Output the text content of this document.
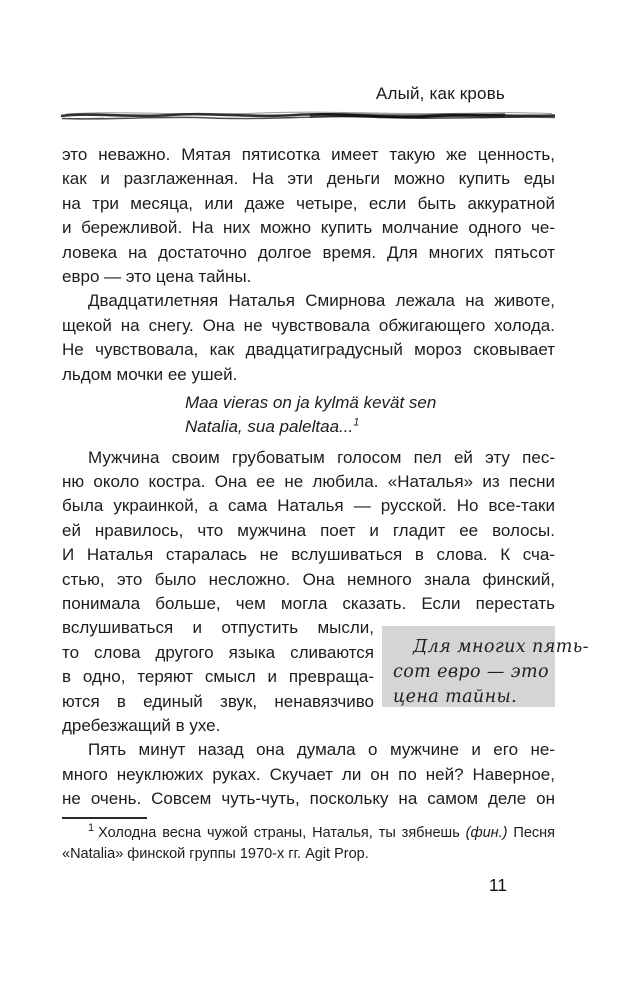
Алый, как кровь
это неважно. Мятая пятисотка имеет такую же ценность,
как и разглаженная. На эти деньги можно купить еды
на три месяца, или даже четыре, если быть аккуратной
и бережливой. На них можно купить молчание одного че-
ловека на достаточно долгое время. Для многих пятьсот
евро — это цена тайны.
Двадцатилетняя Наталья Смирнова лежала на животе,
щекой на снегу. Она не чувствовала обжигающего холода.
Не чувствовала, как двадцатиградусный мороз сковывает
льдом мочки ее ушей.
Maa vieras on ja kylmä kevät sen
Natalia, sua paleltaa...$^1$
Мужчина своим грубоватым голосом пел ей эту пес-
ню около костра. Она ее не любила. «Наталья» из песни
была украинкой, а сама Наталья — русской. Но все-таки
ей нравилось, что мужчина поет и гладит ее волосы.
И Наталья старалась не вслушиваться в слова. К сча-
стью, это было несложно. Она немного знала финский,
понимала больше, чем могла сказать. Если перестать
вслушиваться и отпустить мысли,
то слова другого языка сливаются
в одно, теряют смысл и превраща-
ются в единый звук, ненавязчиво
дребезжащий в ухе.
Пять минут назад она думала о мужчине и его не-
много неуклюжих руках. Скучает ли он по ней? Наверное,
не очень. Совсем чуть-чуть, поскольку на самом деле он
$^1$ Холодна весна чужой страны, Наталья, ты зябнешь (фин.) Песня
«Natalia» финской группы 1970-х гг. Agit Prop.
Для многих пять-
сот евро — это
цена тайны.
11
